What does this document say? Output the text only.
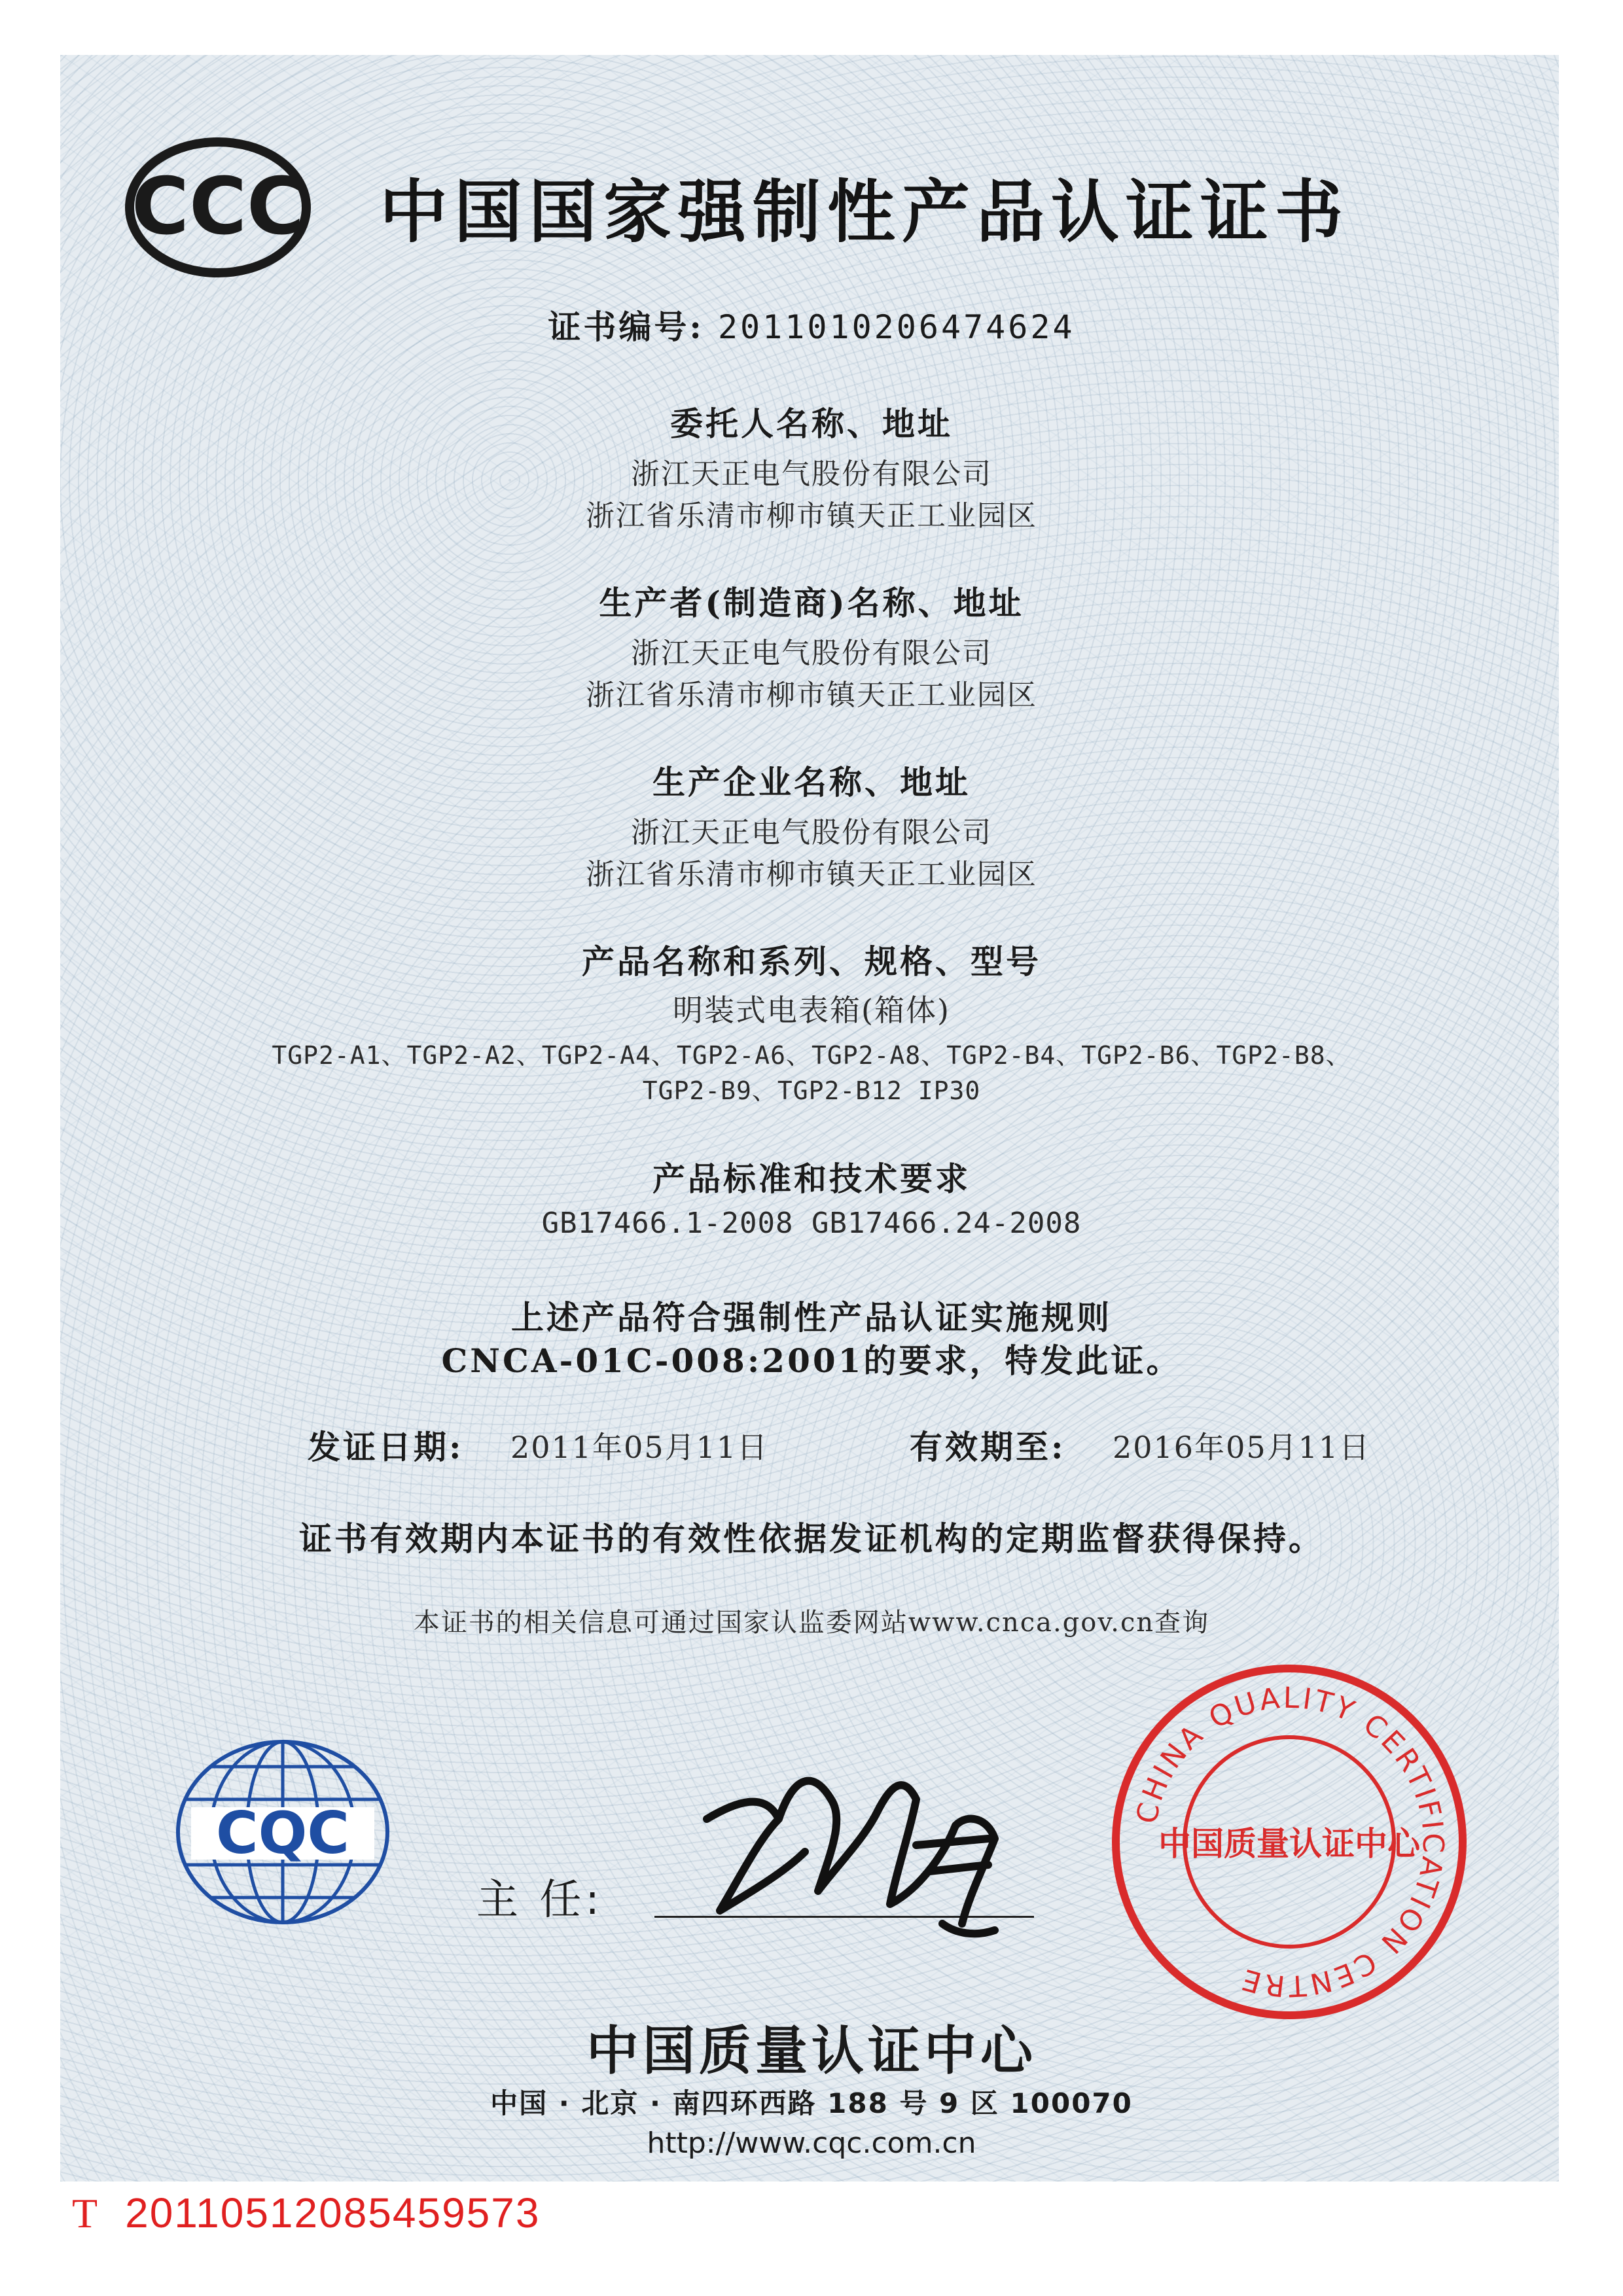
CCC 中国国家强制性产品认证证书
证书编号: 2011010206474624
委托人名称、地址
浙江天正电气股份有限公司
浙江省乐清市柳市镇天正工业园区
生产者(制造商)名称、地址
浙江天正电气股份有限公司
浙江省乐清市柳市镇天正工业园区
生产企业名称、地址
浙江天正电气股份有限公司
浙江省乐清市柳市镇天正工业园区
产品名称和系列、规格、型号
明装式电表箱(箱体)
TGP2-A1、TGP2-A2、TGP2-A4、TGP2-A6、TGP2-A8、TGP2-B4、TGP2-B6、TGP2-B8、
TGP2-B9、TGP2-B12 IP30
产品标准和技术要求
GB17466.1-2008 GB17466.24-2008
上述产品符合强制性产品认证实施规则
CNCA-01C-008:2001的要求，特发此证。
发证日期: 2011年05月11日	有效期至: 2016年05月11日
证书有效期内本证书的有效性依据发证机构的定期监督获得保持。
本证书的相关信息可通过国家认监委网站www.cnca.gov.cn查询
CQC
主 任:
CHINA QUALITY CERTIFICATION CENTRE
中国质量认证中心
中国质量认证中心
中国 · 北京 · 南四环西路 188 号 9 区 100070
http://www.cqc.com.cn
T 20110512085459573
